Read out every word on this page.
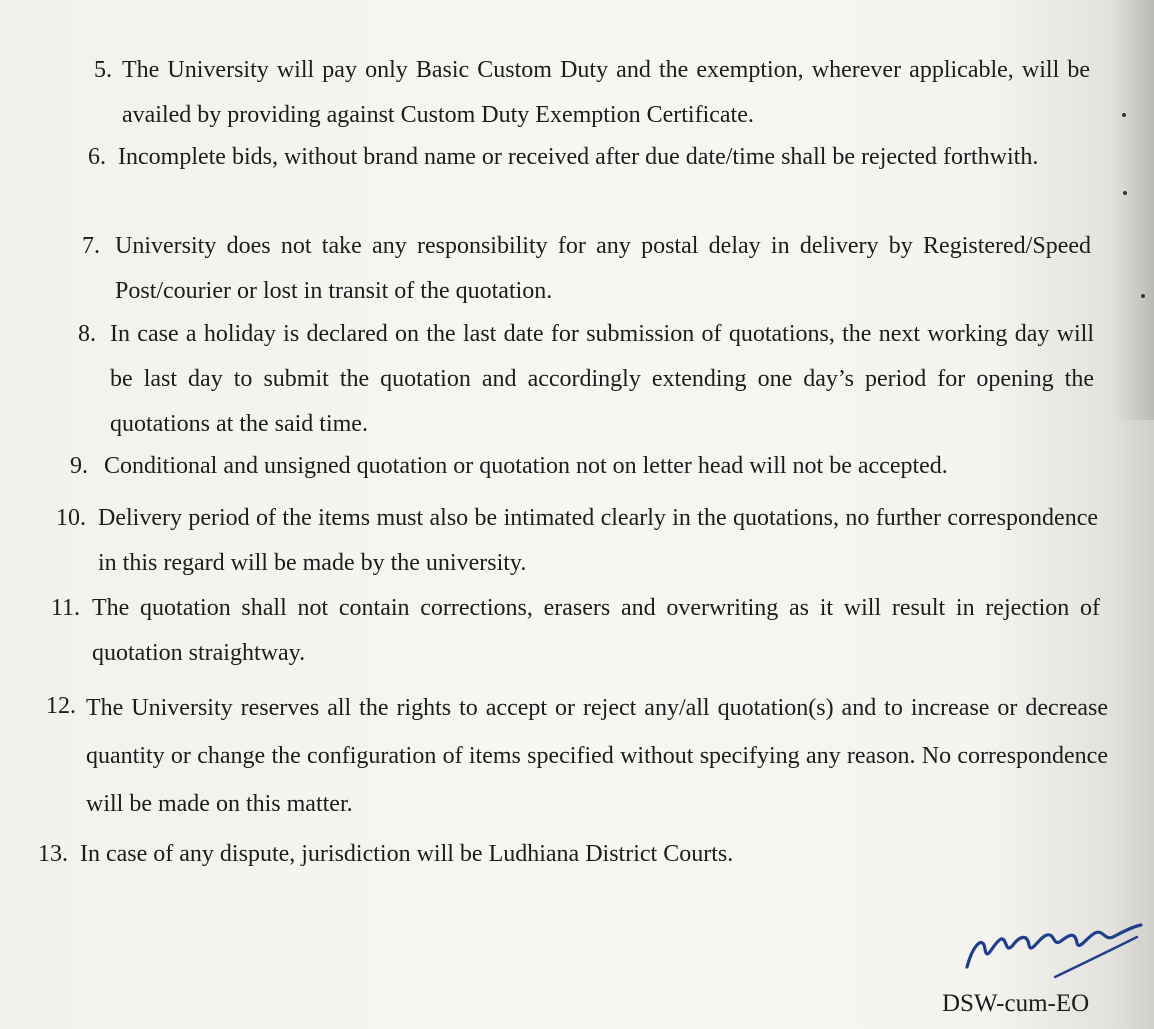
5. The University will pay only Basic Custom Duty and the exemption, wherever applicable, will be availed by providing against Custom Duty Exemption Certificate.
6. Incomplete bids, without brand name or received after due date/time shall be rejected forthwith.
7. University does not take any responsibility for any postal delay in delivery by Registered/Speed Post/courier or lost in transit of the quotation.
8. In case a holiday is declared on the last date for submission of quotations, the next working day will be last day to submit the quotation and accordingly extending one day’s period for opening the quotations at the said time.
9. Conditional and unsigned quotation or quotation not on letter head will not be accepted.
10. Delivery period of the items must also be intimated clearly in the quotations, no further correspondence in this regard will be made by the university.
11. The quotation shall not contain corrections, erasers and overwriting as it will result in rejection of quotation straightway.
12. The University reserves all the rights to accept or reject any/all quotation(s) and to increase or decrease quantity or change the configuration of items specified without specifying any reason. No correspondence will be made on this matter.
13. In case of any dispute, jurisdiction will be Ludhiana District Courts.
DSW-cum-EO
